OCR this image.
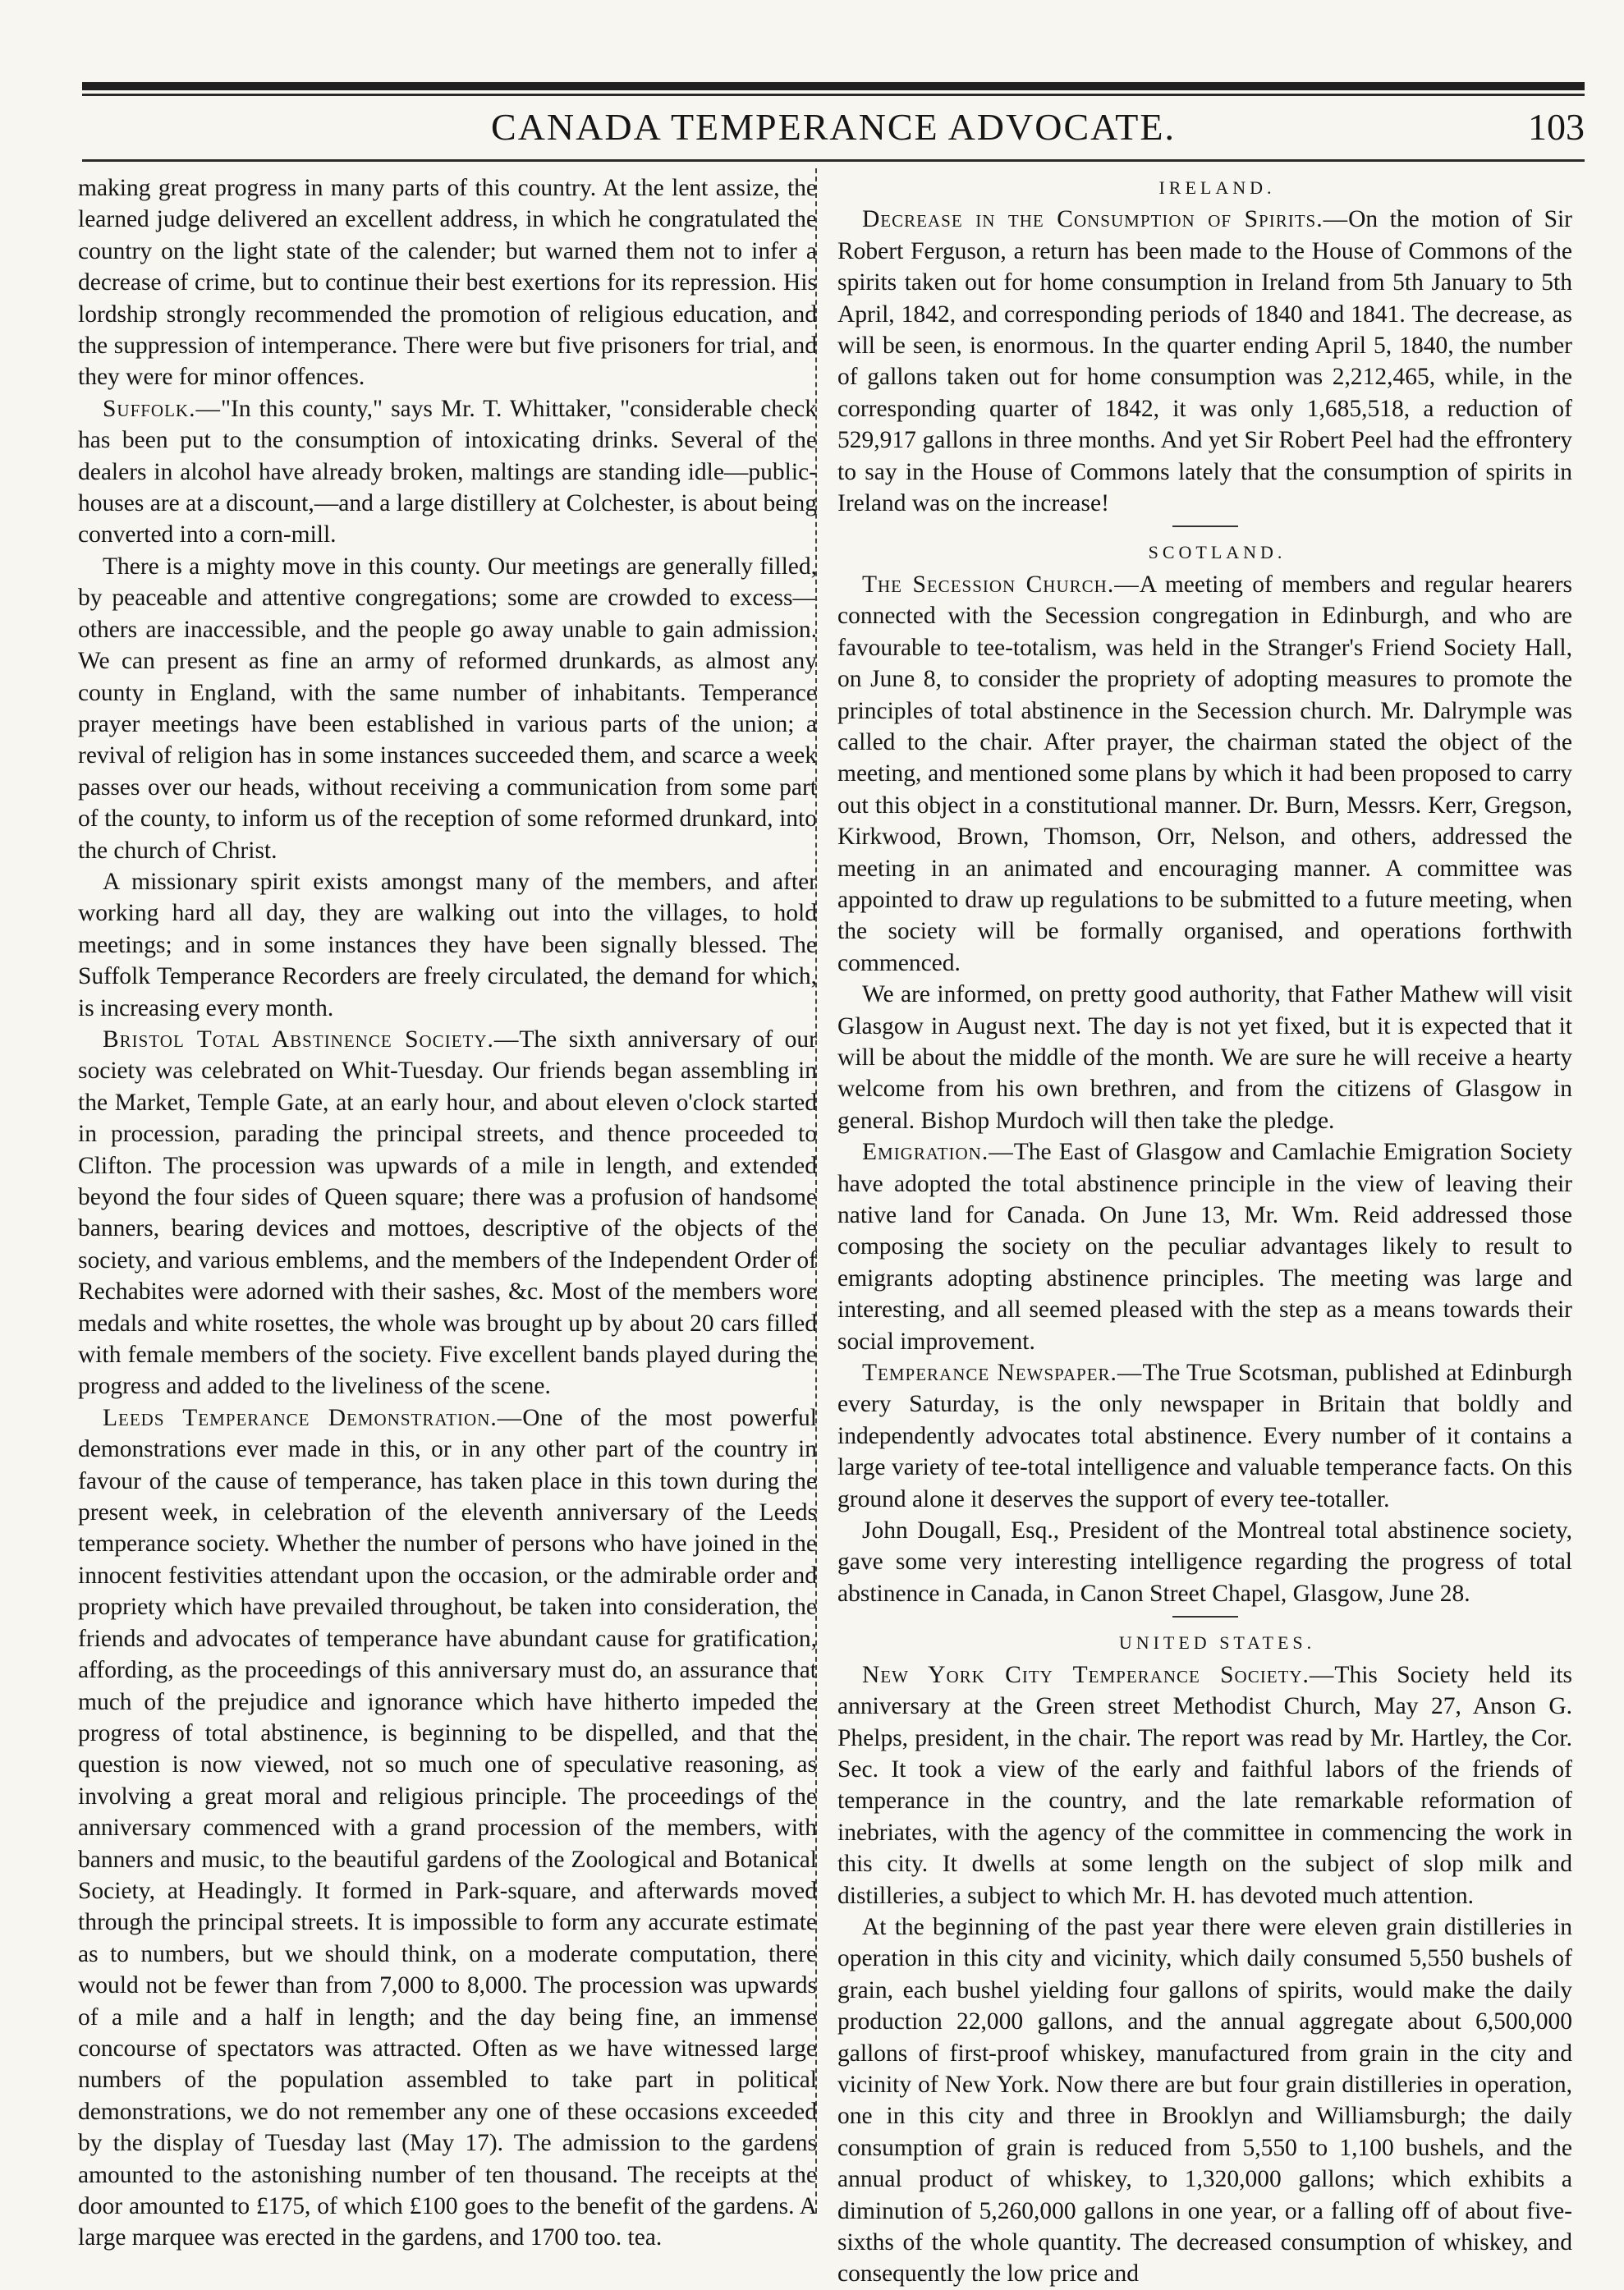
CANADA TEMPERANCE ADVOCATE.	103

making great progress in many parts of this country. At the lent assize, the learned judge delivered an excellent address, in which he congratulated the country on the light state of the calender; but warned them not to infer a decrease of crime, but to continue their best exertions for its repression. His lordship strongly recommended the promotion of religious education, and the suppression of intemperance. There were but five prisoners for trial, and they were for minor offences.

Suffolk.—"In this county," says Mr. T. Whittaker, "considerable check has been put to the consumption of intoxicating drinks. Several of the dealers in alcohol have already broken, maltings are standing idle—public-houses are at a discount,—and a large distillery at Colchester, is about being converted into a corn-mill.

There is a mighty move in this county. Our meetings are generally filled, by peaceable and attentive congregations; some are crowded to excess—others are inaccessible, and the people go away unable to gain admission. We can present as fine an army of reformed drunkards, as almost any county in England, with the same number of inhabitants. Temperance prayer meetings have been established in various parts of the union; a revival of religion has in some instances succeeded them, and scarce a week passes over our heads, without receiving a communication from some part of the county, to inform us of the reception of some reformed drunkard, into the church of Christ.

A missionary spirit exists amongst many of the members, and after working hard all day, they are walking out into the villages, to hold meetings; and in some instances they have been signally blessed. The Suffolk Temperance Recorders are freely circulated, the demand for which, is increasing every month.

Bristol Total Abstinence Society.—The sixth anniversary of our society was celebrated on Whit-Tuesday. Our friends began assembling in the Market, Temple Gate, at an early hour, and about eleven o'clock started in procession, parading the principal streets, and thence proceeded to Clifton. The procession was upwards of a mile in length, and extended beyond the four sides of Queen square; there was a profusion of handsome banners, bearing devices and mottoes, descriptive of the objects of the society, and various emblems, and the members of the Independent Order of Rechabites were adorned with their sashes, &c. Most of the members wore medals and white rosettes, the whole was brought up by about 20 cars filled with female members of the society. Five excellent bands played during the progress and added to the liveliness of the scene.

Leeds Temperance Demonstration.—One of the most powerful demonstrations ever made in this, or in any other part of the country in favour of the cause of temperance, has taken place in this town during the present week, in celebration of the eleventh anniversary of the Leeds temperance society. Whether the number of persons who have joined in the innocent festivities attendant upon the occasion, or the admirable order and propriety which have prevailed throughout, be taken into consideration, the friends and advocates of temperance have abundant cause for gratification, affording, as the proceedings of this anniversary must do, an assurance that much of the prejudice and ignorance which have hitherto impeded the progress of total abstinence, is beginning to be dispelled, and that the question is now viewed, not so much one of speculative reasoning, as involving a great moral and religious principle. The proceedings of the anniversary commenced with a grand procession of the members, with banners and music, to the beautiful gardens of the Zoological and Botanical Society, at Headingly. It formed in Park-square, and afterwards moved through the principal streets. It is impossible to form any accurate estimate as to numbers, but we should think, on a moderate computation, there would not be fewer than from 7,000 to 8,000. The procession was upwards of a mile and a half in length; and the day being fine, an immense concourse of spectators was attracted. Often as we have witnessed large numbers of the population assembled to take part in political demonstrations, we do not remember any one of these occasions exceeded by the display of Tuesday last (May 17). The admission to the gardens amounted to the astonishing number of ten thousand. The receipts at the door amounted to £175, of which £100 goes to the benefit of the gardens. A large marquee was erected in the gardens, and 1700 too. tea.

IRELAND.

Decrease in the Consumption of Spirits.—On the motion of Sir Robert Ferguson, a return has been made to the House of Commons of the spirits taken out for home consumption in Ireland from 5th January to 5th April, 1842, and corresponding periods of 1840 and 1841. The decrease, as will be seen, is enormous. In the quarter ending April 5, 1840, the number of gallons taken out for home consumption was 2,212,465, while, in the corresponding quarter of 1842, it was only 1,685,518, a reduction of 529,917 gallons in three months. And yet Sir Robert Peel had the effrontery to say in the House of Commons lately that the consumption of spirits in Ireland was on the increase!

SCOTLAND.

The Secession Church.—A meeting of members and regular hearers connected with the Secession congregation in Edinburgh, and who are favourable to tee-totalism, was held in the Stranger's Friend Society Hall, on June 8, to consider the propriety of adopting measures to promote the principles of total abstinence in the Secession church. Mr. Dalrymple was called to the chair. After prayer, the chairman stated the object of the meeting, and mentioned some plans by which it had been proposed to carry out this object in a constitutional manner. Dr. Burn, Messrs. Kerr, Gregson, Kirkwood, Brown, Thomson, Orr, Nelson, and others, addressed the meeting in an animated and encouraging manner. A committee was appointed to draw up regulations to be submitted to a future meeting, when the society will be formally organised, and operations forthwith commenced.

We are informed, on pretty good authority, that Father Mathew will visit Glasgow in August next. The day is not yet fixed, but it is expected that it will be about the middle of the month. We are sure he will receive a hearty welcome from his own brethren, and from the citizens of Glasgow in general. Bishop Murdoch will then take the pledge.

Emigration.—The East of Glasgow and Camlachie Emigration Society have adopted the total abstinence principle in the view of leaving their native land for Canada. On June 13, Mr. Wm. Reid addressed those composing the society on the peculiar advantages likely to result to emigrants adopting abstinence principles. The meeting was large and interesting, and all seemed pleased with the step as a means towards their social improvement.

Temperance Newspaper.—The True Scotsman, published at Edinburgh every Saturday, is the only newspaper in Britain that boldly and independently advocates total abstinence. Every number of it contains a large variety of tee-total intelligence and valuable temperance facts. On this ground alone it deserves the support of every tee-totaller.

John Dougall, Esq., President of the Montreal total abstinence society, gave some very interesting intelligence regarding the progress of total abstinence in Canada, in Canon Street Chapel, Glasgow, June 28.

UNITED STATES.

New York City Temperance Society.—This Society held its anniversary at the Green street Methodist Church, May 27, Anson G. Phelps, president, in the chair. The report was read by Mr. Hartley, the Cor. Sec. It took a view of the early and faithful labors of the friends of temperance in the country, and the late remarkable reformation of inebriates, with the agency of the committee in commencing the work in this city. It dwells at some length on the subject of slop milk and distilleries, a subject to which Mr. H. has devoted much attention.

At the beginning of the past year there were eleven grain distilleries in operation in this city and vicinity, which daily consumed 5,550 bushels of grain, each bushel yielding four gallons of spirits, would make the daily production 22,000 gallons, and the annual aggregate about 6,500,000 gallons of first-proof whiskey, manufactured from grain in the city and vicinity of New York. Now there are but four grain distilleries in operation, one in this city and three in Brooklyn and Williamsburgh; the daily consumption of grain is reduced from 5,550 to 1,100 bushels, and the annual product of whiskey, to 1,320,000 gallons; which exhibits a diminution of 5,260,000 gallons in one year, or a falling off of about five-sixths of the whole quantity. The decreased consumption of whiskey, and consequently the low price and
